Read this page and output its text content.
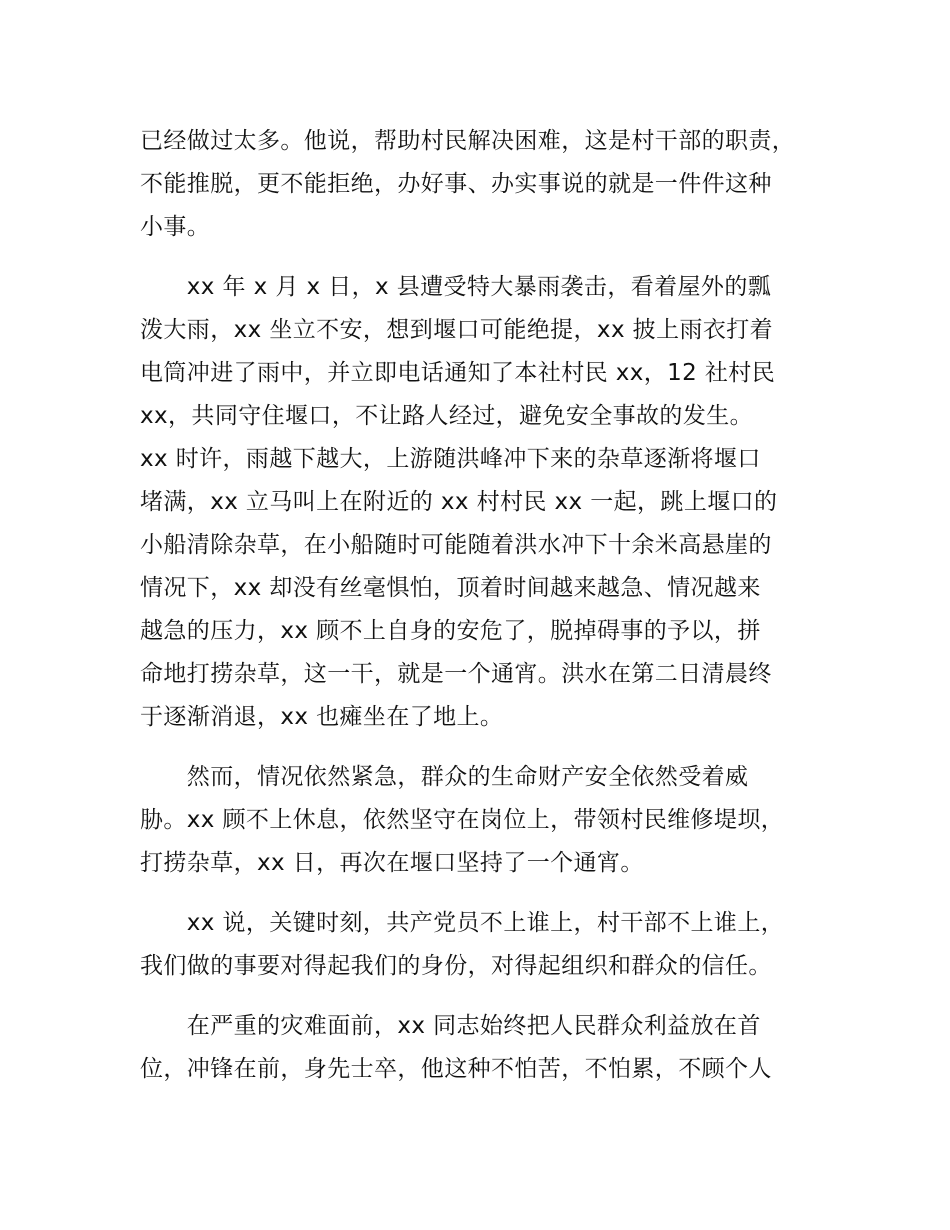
已经做过太多。他说，帮助村民解决困难，这是村干部的职责，
不能推脱，更不能拒绝，办好事、办实事说的就是一件件这种
小事。
　　xx 年 x 月 x 日，x 县遭受特大暴雨袭击，看着屋外的瓢
泼大雨，xx 坐立不安，想到堰口可能绝提，xx 披上雨衣打着
电筒冲进了雨中，并立即电话通知了本社村民 xx，12 社村民
xx，共同守住堰口，不让路人经过，避免安全事故的发生。
xx 时许，雨越下越大，上游随洪峰冲下来的杂草逐渐将堰口
堵满，xx 立马叫上在附近的 xx 村村民 xx 一起，跳上堰口的
小船清除杂草，在小船随时可能随着洪水冲下十余米高悬崖的
情况下，xx 却没有丝毫惧怕，顶着时间越来越急、情况越来
越急的压力，xx 顾不上自身的安危了，脱掉碍事的予以，拼
命地打捞杂草，这一干，就是一个通宵。洪水在第二日清晨终
于逐渐消退，xx 也瘫坐在了地上。
　　然而，情况依然紧急，群众的生命财产安全依然受着威
胁。xx 顾不上休息，依然坚守在岗位上，带领村民维修堤坝，
打捞杂草，xx 日，再次在堰口坚持了一个通宵。
　　xx 说，关键时刻，共产党员不上谁上，村干部不上谁上，
我们做的事要对得起我们的身份，对得起组织和群众的信任。
　　在严重的灾难面前，xx 同志始终把人民群众利益放在首
位，冲锋在前，身先士卒，他这种不怕苦，不怕累，不顾个人
